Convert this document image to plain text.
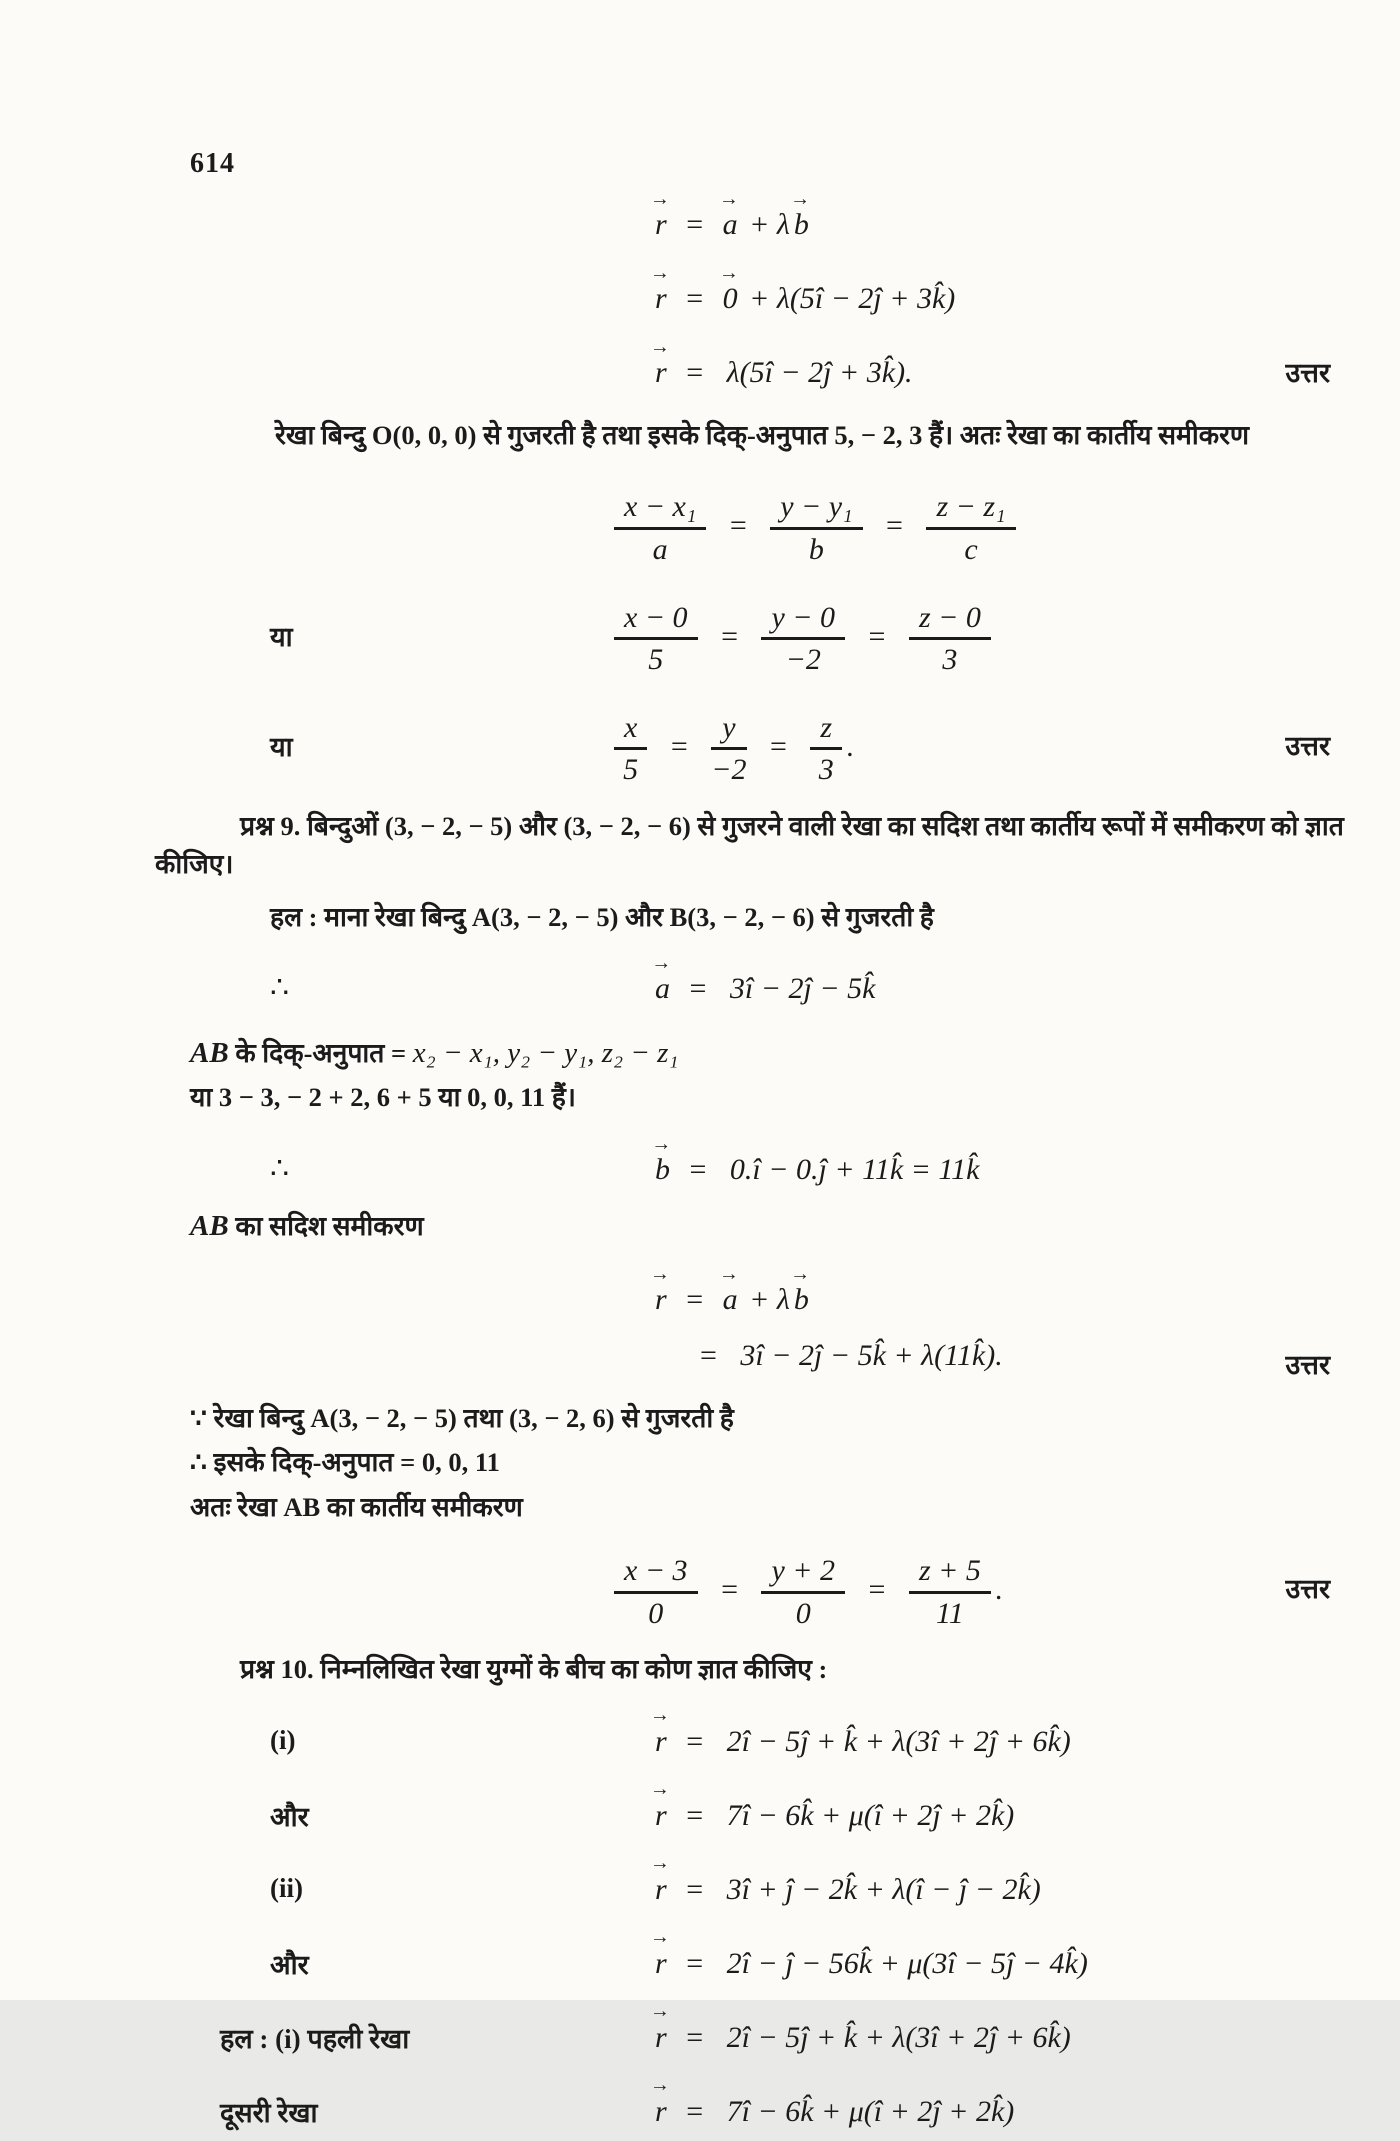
614
→
r =
→
a + λ
→
b
→
r =
→
0 + λ(5î − 2ĵ + 3k̂)
→
r = λ(5î − 2ĵ + 3k̂).	उत्तर

रेखा बिन्दु O(0, 0, 0) से गुजरती है तथा इसके दिक्-अनुपात 5, − 2, 3 हैं। अतः रेखा का कार्तीय समीकरण

$\frac{\text{x − x₁}}{a} = \frac{\text{y − y₁}}{b} = \frac{\text{z − z₁}}{c}$
या	$\frac{x - 0}{5} = \frac{y - 0}{-2} = \frac{z - 0}{3}$
या	$\frac{x}{5} = \frac{y}{-2} = \frac{z}{3}$ .	उत्तर

प्रश्न 9. बिन्दुओं (3, − 2, − 5) और (3, − 2, − 6) से गुजरने वाली रेखा का सदिश तथा कार्तीय रूपों में समीकरण को ज्ञात कीजिए।

हल : माना रेखा बिन्दु A(3, − 2, − 5) और B(3, − 2, − 6) से गुजरती है

∴
→
a = 3î − 2ĵ − 5k̂

AB के दिक्-अनुपात = x₂ − x₁, y₂ − y₁, z₂ − z₁

या 3 − 3, − 2 + 2, 6 + 5 या 0, 0, 11 हैं।

∴
→
b = 0.î − 0.ĵ + 11k̂ = 11k̂

AB का सदिश समीकरण

→
r =
→
a + λ
→
b
= 3î − 2ĵ − 5k̂ + λ(11k̂).	उत्तर

∵ रेखा बिन्दु A(3, − 2, − 5) तथा (3, − 2, 6) से गुजरती है

∴ इसके दिक्-अनुपात = 0, 0, 11

अतः रेखा AB का कार्तीय समीकरण

$\frac{x - 3}{0} = \frac{y + 2}{0} = \frac{z + 5}{11}$ .	उत्तर

प्रश्न 10. निम्नलिखित रेखा युग्मों के बीच का कोण ज्ञात कीजिए :

(i)
→
r = 2î − 5ĵ + k̂ + λ(3î + 2ĵ + 6k̂)
और
→
r = 7î − 6k̂ + μ(î + 2ĵ + 2k̂)
(ii)
→
r = 3î + ĵ − 2k̂ + λ(î − ĵ − 2k̂)
और
→
r = 2î − ĵ − 56k̂ + μ(3î − 5ĵ − 4k̂)
हल : (i) पहली रेखा
→
r = 2î − 5ĵ + k̂ + λ(3î + 2ĵ + 6k̂)
दूसरी रेखा
→
r = 7î − 6k̂ + μ(î + 2ĵ + 2k̂)
